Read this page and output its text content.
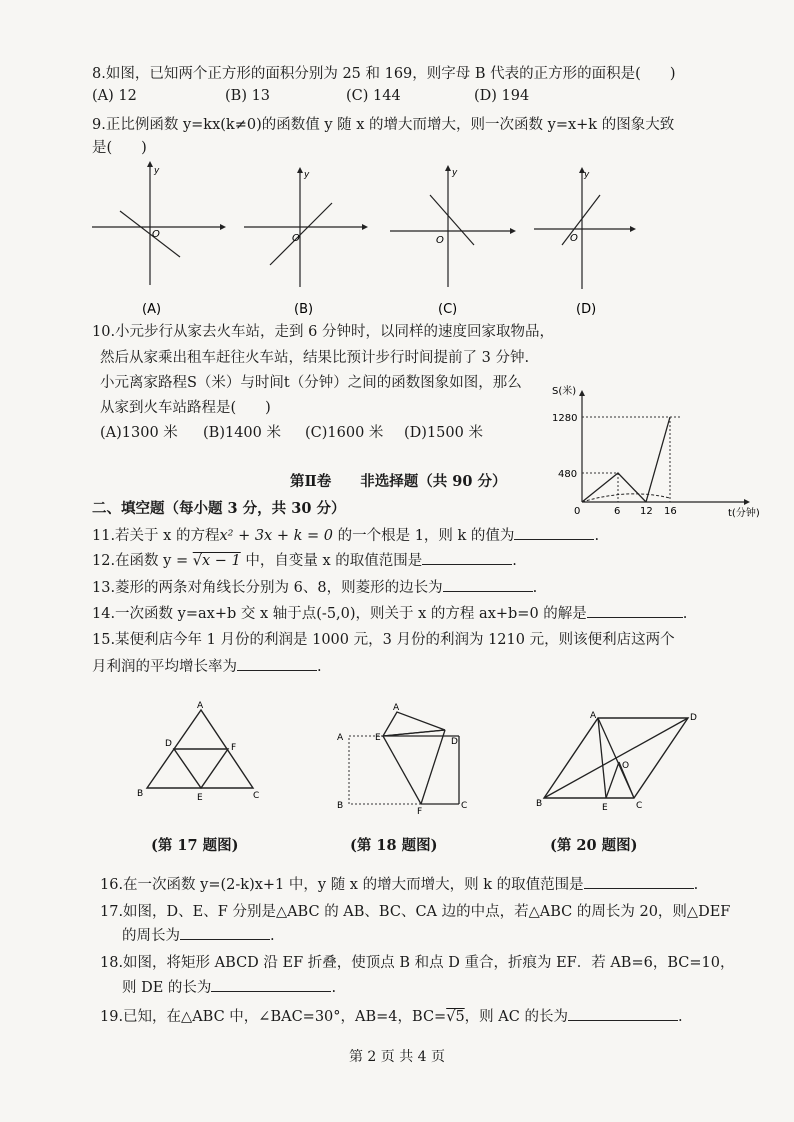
8.如图，已知两个正方形的面积分别为 25 和 169，则字母 B 代表的正方形的面积是(　　)
(A) 12	(B) 13	(C) 144	(D) 194
9.正比例函数 y=kx(k≠0)的函数值 y 随 x 的增大而增大，则一次函数 y=x+k 的图象大致
是(　　)
y
O
(A)
y
O
(B)
y
O
(C)
y
O
(D)
10.小元步行从家去火车站，走到 6 分钟时，以同样的速度回家取物品，
然后从家乘出租车赶往火车站，结果比预计步行时间提前了 3 分钟.
小元离家路程S（米）与时间t（分钟）之间的函数图象如图，那么
从家到火车站路程是(　　)
(A)1300 米 (B)1400 米 (C)1600 米 (D)1500 米
S(米)
t(分钟)
0
1280
480
6 12 16
第Ⅱ卷　　非选择题（共 90 分）
二、填空题（每小题 3 分，共 30 分）
11.若关于 x 的方程x² + 3x + k = 0 的一个根是 1，则 k 的值为	.
12.在函数 y = √x − 1 中，自变量 x 的取值范围是	.
13.菱形的两条对角线长分别为 6、8，则菱形的边长为	.
14.一次函数 y=ax+b 交 x 轴于点(-5,0)，则关于 x 的方程 ax+b=0 的解是	.
15.某便利店今年 1 月份的利润是 1000 元，3 月份的利润为 1210 元，则该便利店这两个
月利润的平均增长率为	.
A
B	C
D
E
F
(第 17 题图)
A
A
B	C
D
E
F
(第 18 题图)
A
B	C
D
E
O
(第 20 题图)
16.在一次函数 y=(2-k)x+1 中，y 随 x 的增大而增大，则 k 的取值范围是	.
17.如图，D、E、F 分别是△ABC 的 AB、BC、CA 边的中点，若△ABC 的周长为 20，则△DEF
的周长为	.
18.如图，将矩形 ABCD 沿 EF 折叠，使顶点 B 和点 D 重合，折痕为 EF．若 AB=6，BC=10，
则 DE 的长为	.
19.已知，在△ABC 中，∠BAC=30°，AB=4，BC=√5，则 AC 的长为	.
第 2 页 共 4 页
